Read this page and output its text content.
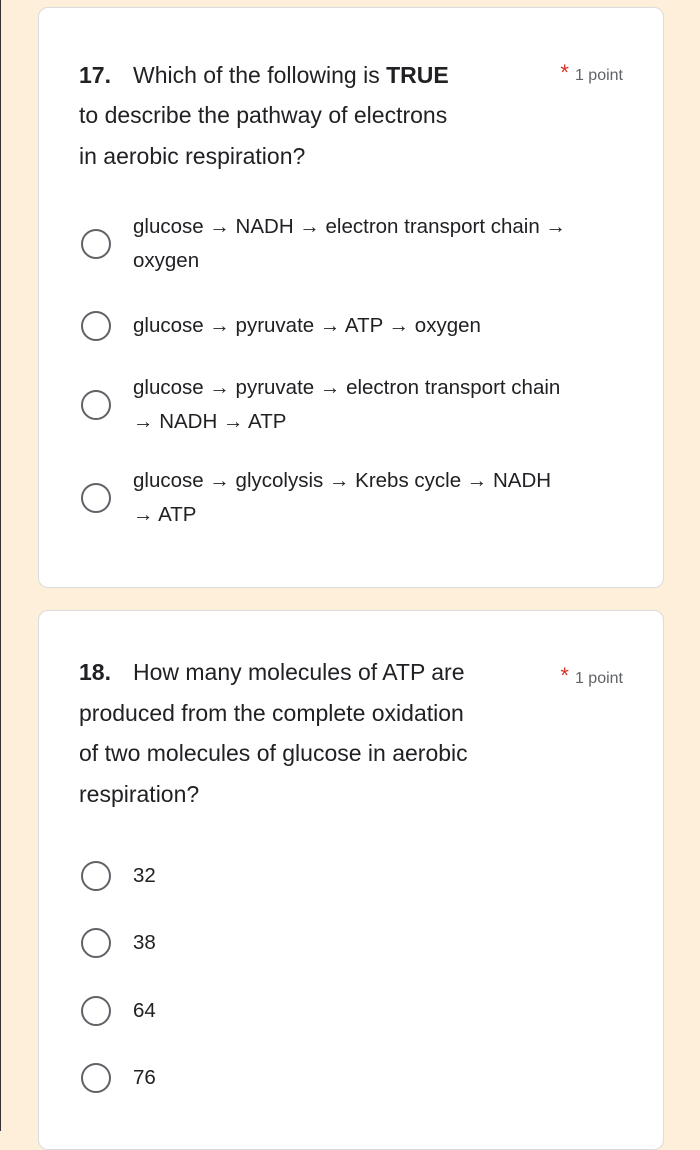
17. Which of the following is TRUE

to describe the pathway of electrons in aerobic respiration?
* 1 point
glucose → NADH → electron transport chain → oxygen
glucose → pyruvate → ATP → oxygen
glucose → pyruvate → electron transport chain → NADH → ATP
glucose → glycolysis → Krebs cycle → NADH → ATP
18. How many molecules of ATP are produced from the complete oxidation of two molecules of glucose in aerobic respiration?
* 1 point
32
38
64
76
